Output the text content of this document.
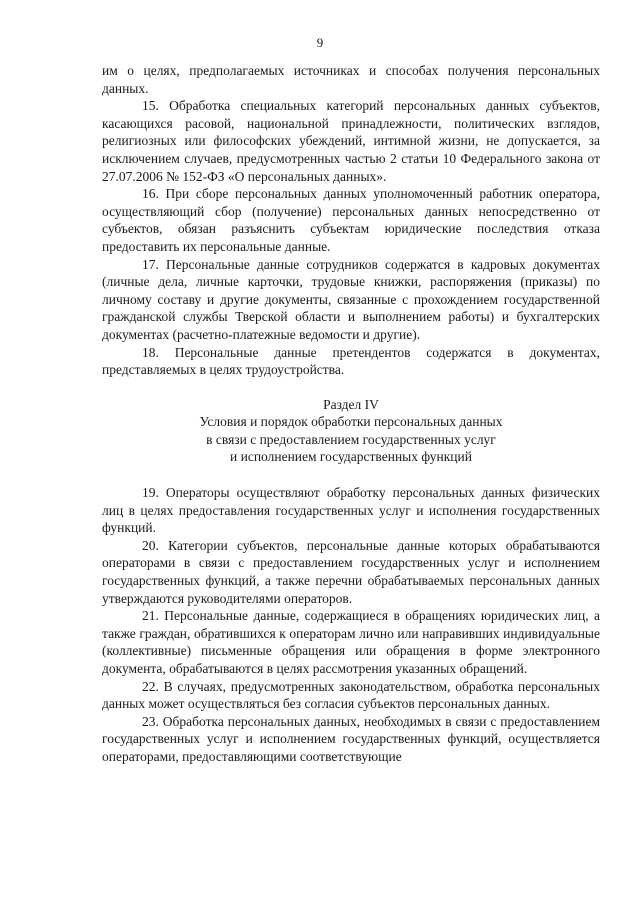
9

им о целях, предполагаемых источниках и способах получения персональных данных.

15. Обработка специальных категорий персональных данных субъектов, касающихся расовой, национальной принадлежности, политических взглядов, религиозных или философских убеждений, интимной жизни, не допускается, за исключением случаев, предусмотренных частью 2 статьи 10 Федерального закона от 27.07.2006 № 152-ФЗ «О персональных данных».

16. При сборе персональных данных уполномоченный работник оператора, осуществляющий сбор (получение) персональных данных непосредственно от субъектов, обязан разъяснить субъектам юридические последствия отказа предоставить их персональные данные.

17. Персональные данные сотрудников содержатся в кадровых документах (личные дела, личные карточки, трудовые книжки, распоряжения (приказы) по личному составу и другие документы, связанные с прохождением государственной гражданской службы Тверской области и выполнением работы) и бухгалтерских документах (расчетно-платежные ведомости и другие).

18. Персональные данные претендентов содержатся в документах, представляемых в целях трудоустройства.

Раздел IV
Условия и порядок обработки персональных данных
в связи с предоставлением государственных услуг
и исполнением государственных функций

19. Операторы осуществляют обработку персональных данных физических лиц в целях предоставления государственных услуг и исполнения государственных функций.

20. Категории субъектов, персональные данные которых обрабатываются операторами в связи с предоставлением государственных услуг и исполнением государственных функций, а также перечни обрабатываемых персональных данных утверждаются руководителями операторов.

21. Персональные данные, содержащиеся в обращениях юридических лиц, а также граждан, обратившихся к операторам лично или направивших индивидуальные (коллективные) письменные обращения или обращения в форме электронного документа, обрабатываются в целях рассмотрения указанных обращений.

22. В случаях, предусмотренных законодательством, обработка персональных данных может осуществляться без согласия субъектов персональных данных.

23. Обработка персональных данных, необходимых в связи с предоставлением государственных услуг и исполнением государственных функций, осуществляется операторами, предоставляющими соответствующие
